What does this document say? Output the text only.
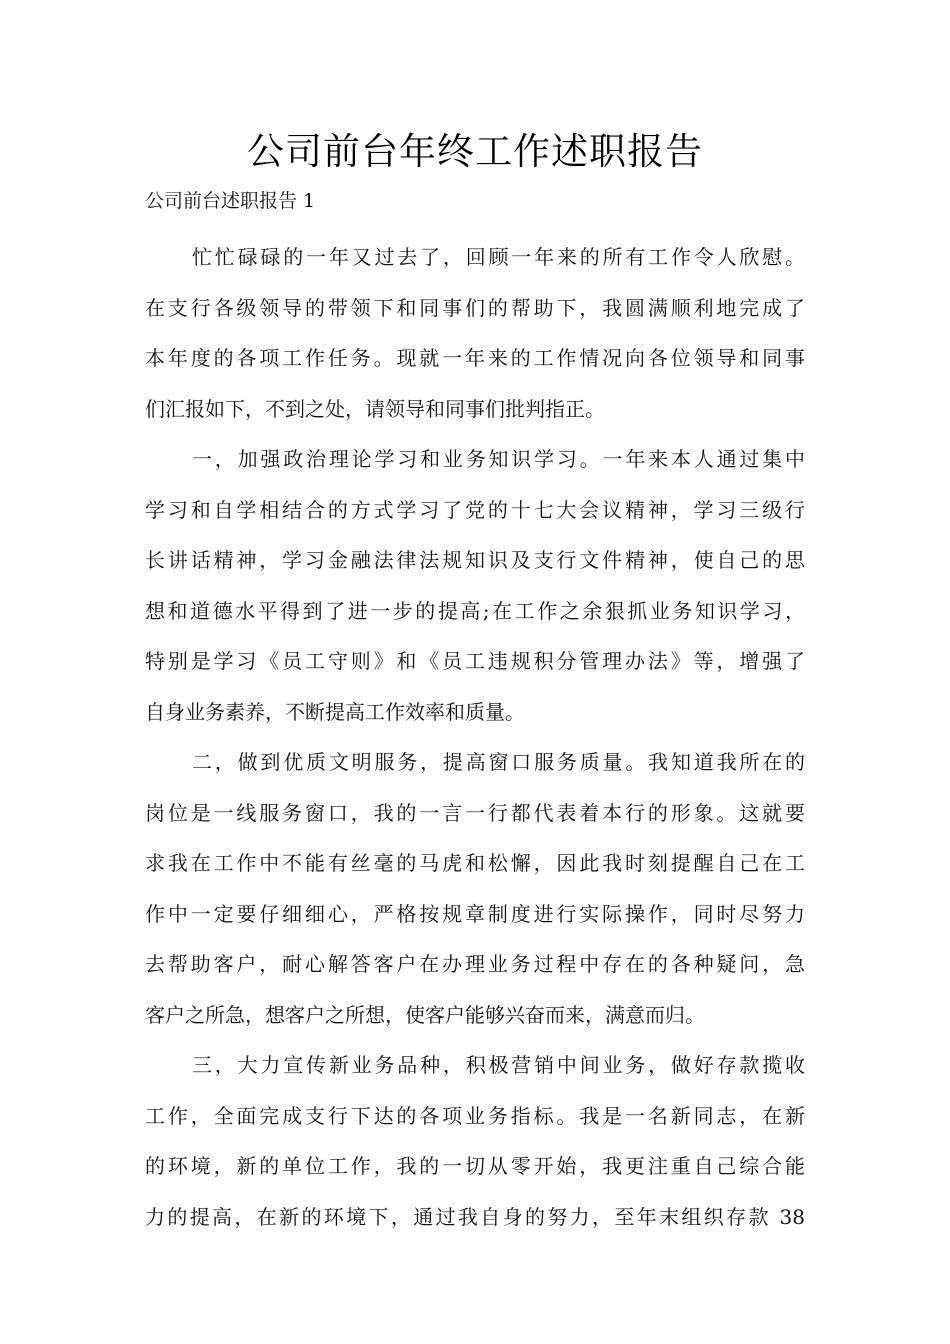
公司前台年终工作述职报告

公司前台述职报告 1

忙忙碌碌的一年又过去了，回顾一年来的所有工作令人欣慰。
在支行各级领导的带领下和同事们的帮助下，我圆满顺利地完成了
本年度的各项工作任务。现就一年来的工作情况向各位领导和同事
们汇报如下，不到之处，请领导和同事们批判指正。

一，加强政治理论学习和业务知识学习。一年来本人通过集中
学习和自学相结合的方式学习了党的十七大会议精神，学习三级行
长讲话精神，学习金融法律法规知识及支行文件精神，使自己的思
想和道德水平得到了进一步的提高;在工作之余狠抓业务知识学习，
特别是学习《员工守则》和《员工违规积分管理办法》等，增强了
自身业务素养，不断提高工作效率和质量。

二，做到优质文明服务，提高窗口服务质量。我知道我所在的
岗位是一线服务窗口，我的一言一行都代表着本行的形象。这就要
求我在工作中不能有丝毫的马虎和松懈，因此我时刻提醒自己在工
作中一定要仔细细心，严格按规章制度进行实际操作，同时尽努力
去帮助客户，耐心解答客户在办理业务过程中存在的各种疑问，急
客户之所急，想客户之所想，使客户能够兴奋而来，满意而归。

三，大力宣传新业务品种，积极营销中间业务，做好存款揽收
工作，全面完成支行下达的各项业务指标。我是一名新同志，在新
的环境，新的单位工作，我的一切从零开始，我更注重自己综合能
力的提高，在新的环境下，通过我自身的努力，至年末组织存款 38
